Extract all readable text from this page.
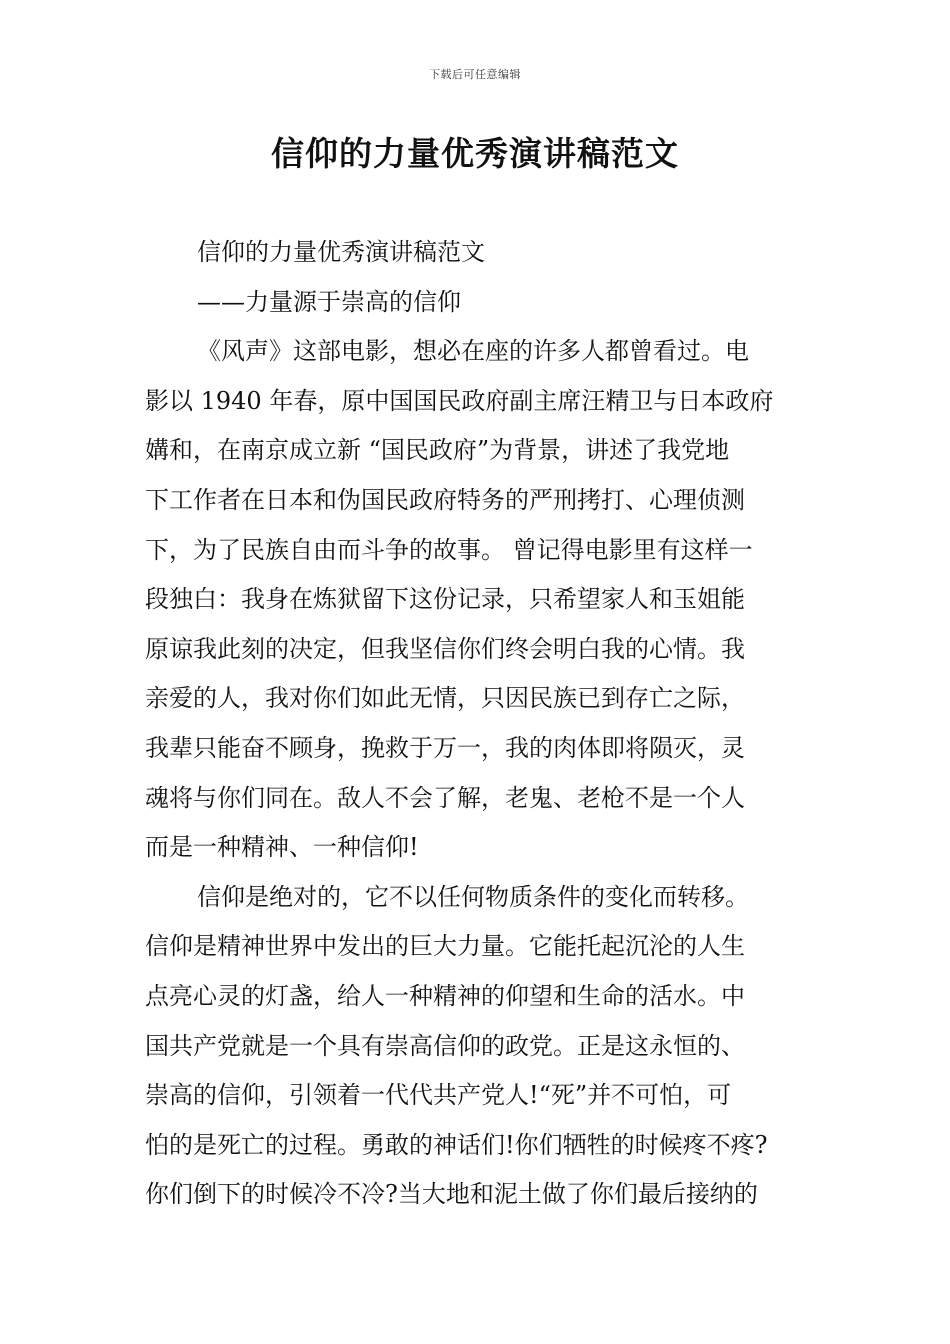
下载后可任意编辑
信仰的力量优秀演讲稿范文
信仰的力量优秀演讲稿范文
——力量源于崇高的信仰
《风声》这部电影，想必在座的许多人都曾看过。电
影以 1940 年春，原中国国民政府副主席汪精卫与日本政府
媾和，在南京成立新 “国民政府”为背景，讲述了我党地
下工作者在日本和伪国民政府特务的严刑拷打、心理侦测
下，为了民族自由而斗争的故事。 曾记得电影里有这样一
段独白：我身在炼狱留下这份记录，只希望家人和玉姐能
原谅我此刻的决定，但我坚信你们终会明白我的心情。我
亲爱的人，我对你们如此无情，只因民族已到存亡之际，
我辈只能奋不顾身，挽救于万一，我的肉体即将陨灭，灵
魂将与你们同在。敌人不会了解，老鬼、老枪不是一个人
而是一种精神、一种信仰!
信仰是绝对的，它不以任何物质条件的变化而转移。
信仰是精神世界中发出的巨大力量。它能托起沉沦的人生
点亮心灵的灯盏，给人一种精神的仰望和生命的活水。中
国共产党就是一个具有崇高信仰的政党。正是这永恒的、
崇高的信仰，引领着一代代共产党人!“死”并不可怕，可
怕的是死亡的过程。勇敢的神话们!你们牺牲的时候疼不疼?
你们倒下的时候冷不冷?当大地和泥土做了你们最后接纳的
